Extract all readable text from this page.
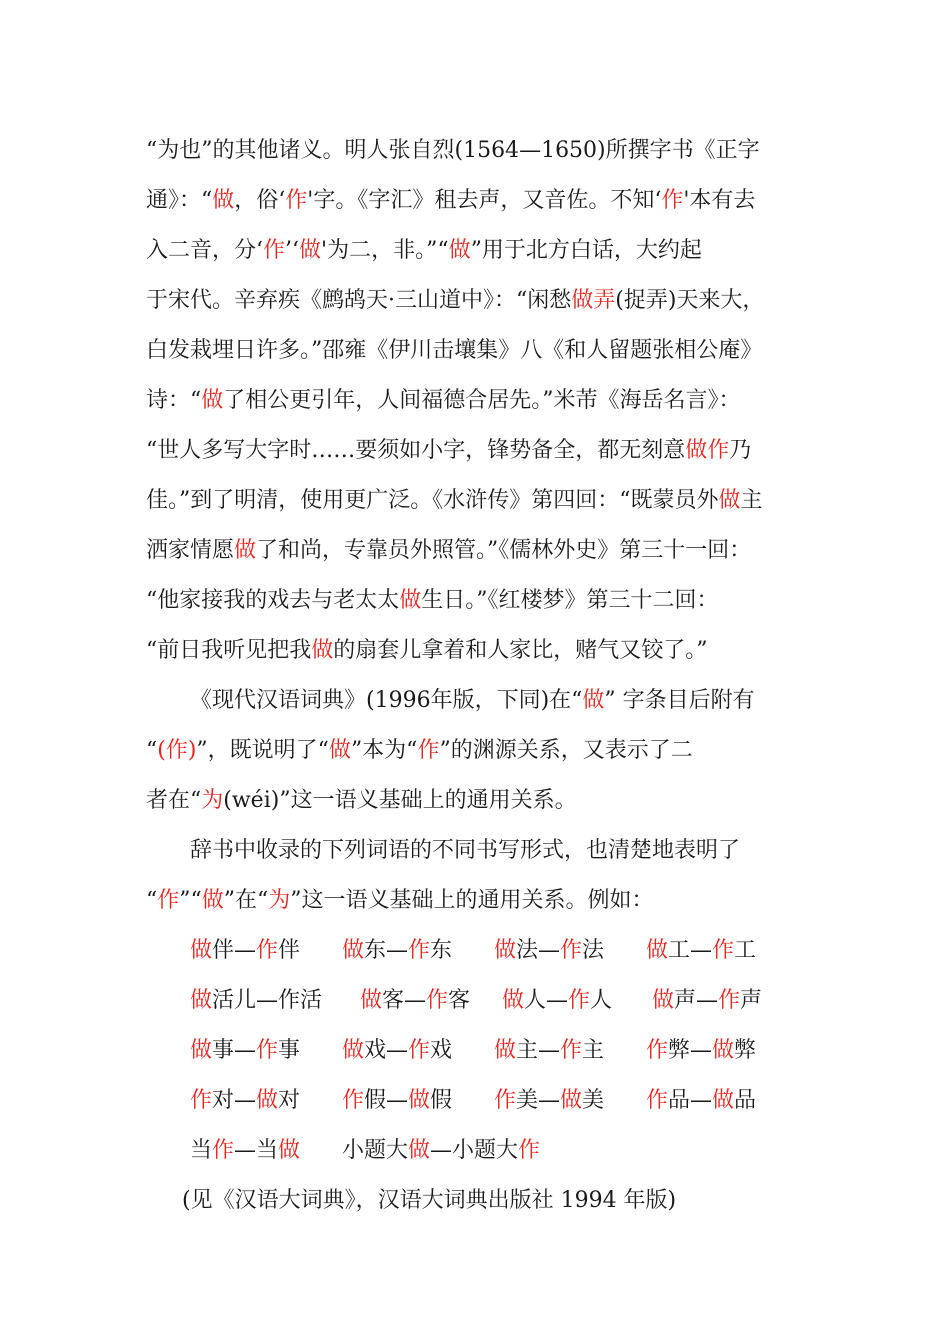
“为也”的其他诸义。明人张自烈(1564—1650)所撰字书《正字

通》：“做，俗‘作'字。《字汇》租去声，又音佐。不知‘作'本有去

入二音，分‘作’‘做'为二，非。”“做”用于北方白话，大约起

于宋代。辛弃疾《鹧鸪天·三山道中》：“闲愁做弄(捉弄)天来大，

白发栽埋日许多。”邵雍《伊川击壤集》八《和人留题张相公庵》

诗：“做了相公更引年，人间福德合居先。”米芾《海岳名言》：

“世人多写大字时……要须如小字，锋势备全，都无刻意做作乃

佳。”到了明清，使用更广泛。《水浒传》第四回：“既蒙员外做主

洒家情愿做了和尚，专靠员外照管。”《儒林外史》第三十一回：

“他家接我的戏去与老太太做生日。”《红楼梦》第三十二回：

“前日我听见把我做的扇套儿拿着和人家比，赌气又铰了。”

《现代汉语词典》(1996年版，下同)在“做” 字条目后附有

“(作)”，既说明了“做”本为“作”的渊源关系，又表示了二

者在“为(wéi)”这一语义基础上的通用关系。

辞书中收录的下列词语的不同书写形式，也清楚地表明了

“作”“做”在“为”这一语义基础上的通用关系。例如：

做伴—作伴 做东—作东 做法—作法 做工—作工
做活儿—作活 做客—作客 做人—作人 做声—作声
做事—作事 做戏—作戏 做主—作主 作弊—做弊
作对—做对 作假—做假 作美—做美 作品—做品
当作—当做 小题大做—小题大作
(见《汉语大词典》，汉语大词典出版社 1994 年版)
